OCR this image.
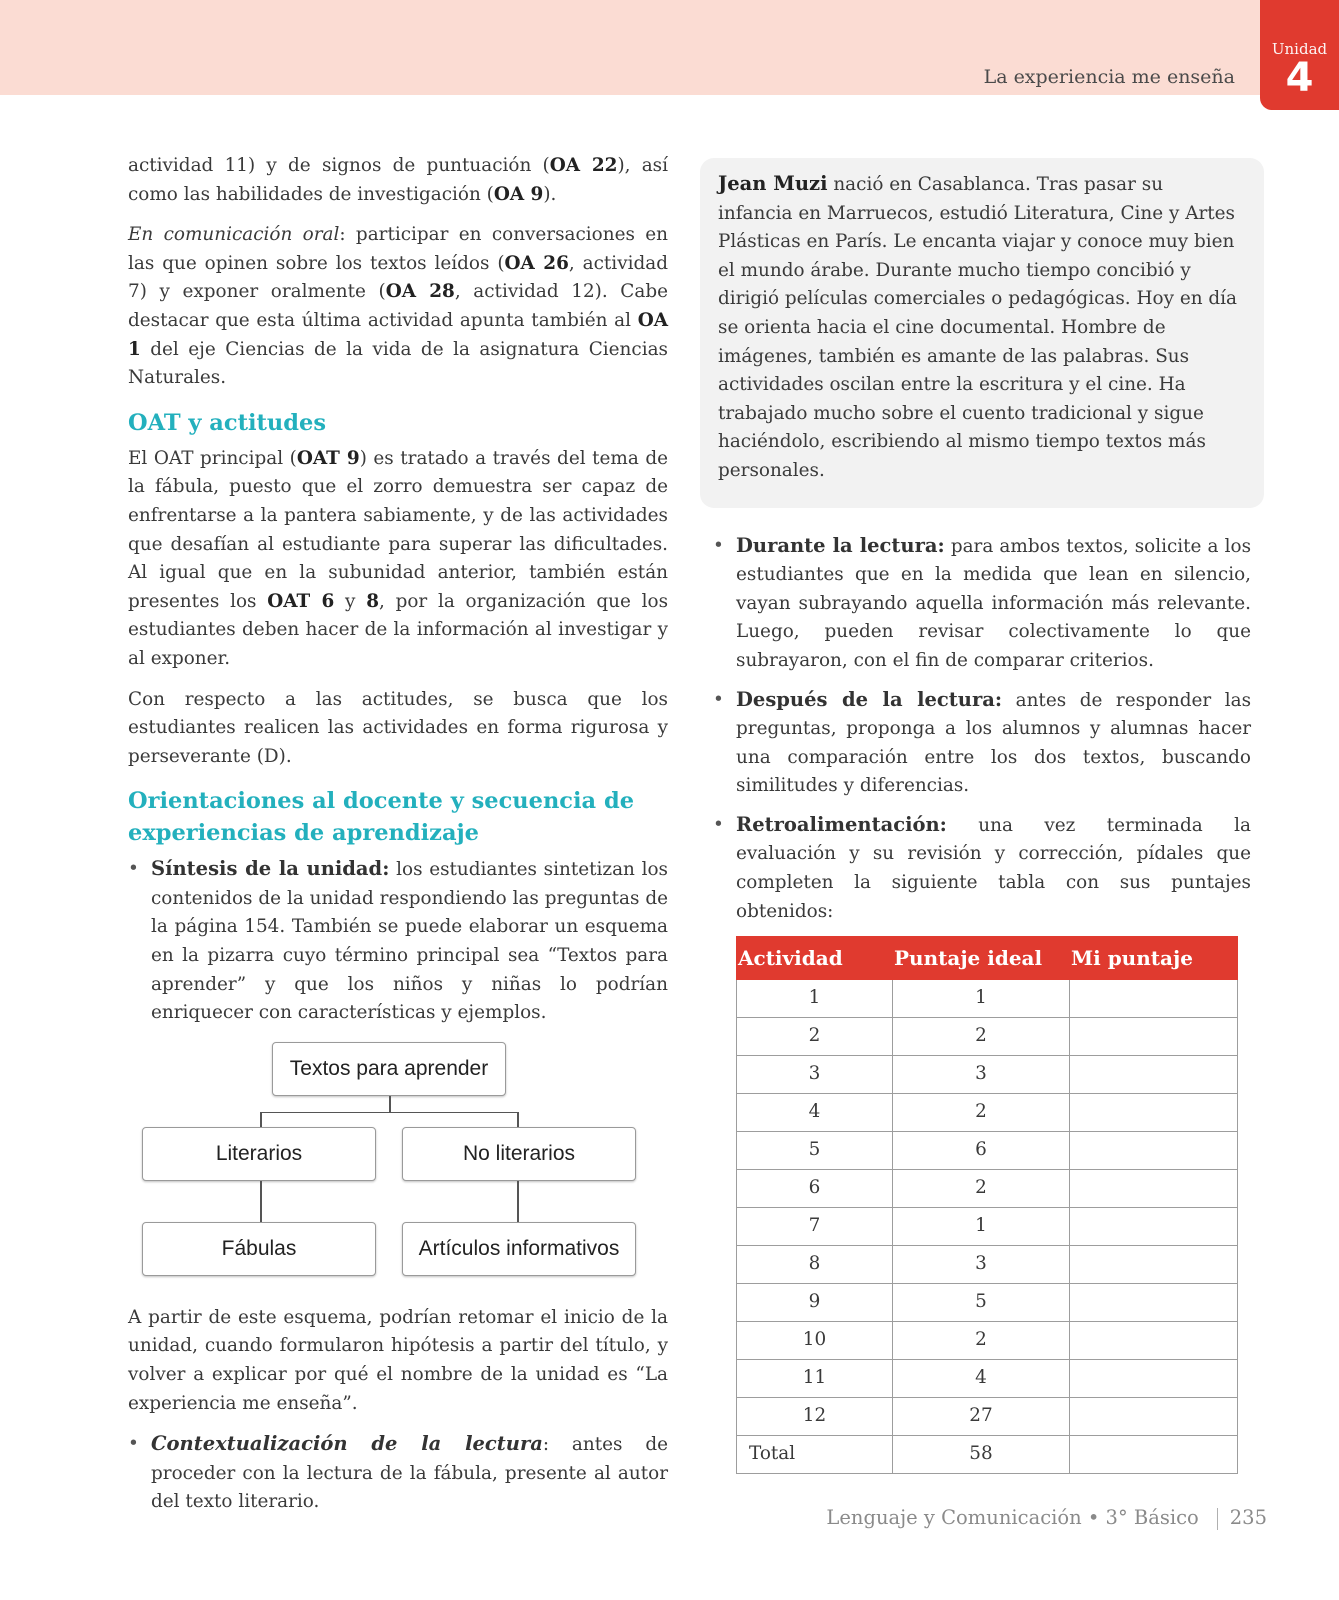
La experiencia me enseña
Unidad
4

actividad 11) y de signos de puntuación (OA 22), así como las habilidades de investigación (OA 9).

En comunicación oral: participar en conversaciones en las que opinen sobre los textos leídos (OA 26, actividad 7) y exponer oralmente (OA 28, actividad 12). Cabe destacar que esta última actividad apunta también al OA 1 del eje Ciencias de la vida de la asignatura Ciencias Naturales.

OAT y actitudes

El OAT principal (OAT 9) es tratado a través del tema de la fábula, puesto que el zorro demuestra ser capaz de enfrentarse a la pantera sabiamente, y de las actividades que desafían al estudiante para superar las dificultades. Al igual que en la subunidad anterior, también están presentes los OAT 6 y 8, por la organización que los estudiantes deben hacer de la información al investigar y al exponer.

Con respecto a las actitudes, se busca que los estudiantes realicen las actividades en forma rigurosa y perseverante (D).

Orientaciones al docente y secuencia de experiencias de aprendizaje
• Síntesis de la unidad: los estudiantes sintetizan los contenidos de la unidad respondiendo las preguntas de la página 154. También se puede elaborar un esquema en la pizarra cuyo término principal sea “Textos para aprender” y que los niños y niñas lo podrían enriquecer con características y ejemplos.
Textos para aprender
Literarios	No literarios
Fábulas	Artículos informativos

A partir de este esquema, podrían retomar el inicio de la unidad, cuando formularon hipótesis a partir del título, y volver a explicar por qué el nombre de la unidad es “La experiencia me enseña”.

• Contextualización de la lectura: antes de proceder con la lectura de la fábula, presente al autor del texto literario.

Jean Muzi nació en Casablanca. Tras pasar su infancia en Marruecos, estudió Literatura, Cine y Artes Plásticas en París. Le encanta viajar y conoce muy bien el mundo árabe. Durante mucho tiempo concibió y dirigió películas comerciales o pedagógicas. Hoy en día se orienta hacia el cine documental. Hombre de imágenes, también es amante de las palabras. Sus actividades oscilan entre la escritura y el cine. Ha trabajado mucho sobre el cuento tradicional y sigue haciéndolo, escribiendo al mismo tiempo textos más personales.

• Durante la lectura: para ambos textos, solicite a los estudiantes que en la medida que lean en silencio, vayan subrayando aquella información más relevante. Luego, pueden revisar colectivamente lo que subrayaron, con el fin de comparar criterios.
• Después de la lectura: antes de responder las preguntas, proponga a los alumnos y alumnas hacer una comparación entre los dos textos, buscando similitudes y diferencias.
• Retroalimentación: una vez terminada la evaluación y su revisión y corrección, pídales que completen la siguiente tabla con sus puntajes obtenidos:
Actividad	Puntaje ideal	Mi puntaje
1	1	
2	2	
3	3	
4	2	
5	6	
6	2	
7	1	
8	3	
9	5	
10	2	
11	4	
12	27	
Total	58	
Lenguaje y Comunicación • 3° Básico 235
